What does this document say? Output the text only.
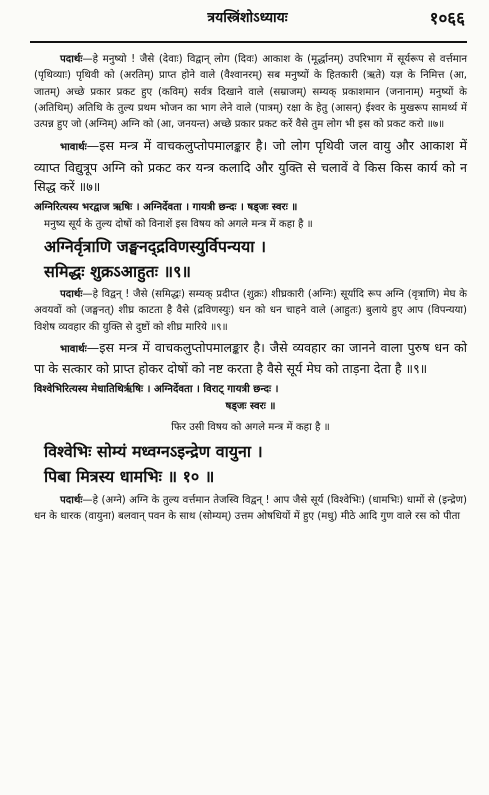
त्रयस्त्रिंशोऽध्यायः	१०६६

पदार्थः—हे मनुष्यो ! जैसे (देवाः) विद्वान् लोग (दिवः) आकाश के (मूर्द्धानम्) उपरिभाग में सूर्यरूप से वर्त्तमान (पृथिव्याः) पृथिवी को (अरतिम्) प्राप्त होने वाले (वैश्वानरम्) सब मनुष्यों के हितकारी (ऋते) यज्ञ के निमित्त (आ, जातम्) अच्छे प्रकार प्रकट हुए (कविम्) सर्वत्र दिखाने वाले (सम्राजम्) सम्यक् प्रकाशमान (जनानाम्) मनुष्यों के (अतिथिम्) अतिथि के तुल्य प्रथम भोजन का भाग लेने वाले (पात्रम्) रक्षा के हेतु (आसन्) ईश्वर के मुखरूप सामर्थ्य में उत्पन्न हुए जो (अग्निम्) अग्नि को (आ, जनयन्त) अच्छे प्रकार प्रकट करें वैसे तुम लोग भी इस को प्रकट करो ॥७॥

भावार्थः—इस मन्त्र में वाचकलुप्तोपमालङ्कार है। जो लोग पृथिवी जल वायु और आकाश में व्याप्त विद्युत्रूप अग्नि को प्रकट कर यन्त्र कलादि और युक्ति से चलावें वे किस किस कार्य को न सिद्ध करें ॥७॥

अग्निरित्यस्य भरद्वाज ऋषिः । अग्निर्देवता । गायत्री छन्दः । षड्जः स्वरः ॥

मनुष्य सूर्य के तुल्य दोषों को विनाशें इस विषय को अगले मन्त्र में कहा है ॥

अग्निर्वृत्राणि जङ्घनद्द्रविणस्युर्विपन्यया ।

समिद्धः शुक्रऽआहुतः ॥९॥

पदार्थः—हे विद्वन् ! जैसे (समिद्धः) सम्यक् प्रदीप्त (शुक्रः) शीघ्रकारी (अग्निः) सूर्यादि रूप अग्नि (वृत्राणि) मेघ के अवयवों को (जङ्घनत्) शीघ्र काटता है वैसे (द्रविणस्युः) धन को धन चाहने वाले (आहुतः) बुलाये हुए आप (विपन्यया) विशेष व्यवहार की युक्ति से दुष्टों को शीघ्र मारिये ॥९॥

भावार्थः—इस मन्त्र में वाचकलुप्तोपमालङ्कार है। जैसे व्यवहार का जानने वाला पुरुष धन को पा के सत्कार को प्राप्त होकर दोषों को नष्ट करता है वैसे सूर्य मेघ को ताड़ना देता है ॥९॥

विश्वेभिरित्यस्य मेधातिथिर्ऋषिः । अग्निर्देवता । विराट् गायत्री छन्दः ।

षड्जः स्वरः ॥

फिर उसी विषय को अगले मन्त्र में कहा है ॥

विश्वेभिः सोम्यं मध्वग्नऽइन्द्रेण वायुना ।

पिबा मित्रस्य धामभिः ॥ १० ॥

पदार्थः—हे (अग्ने) अग्नि के तुल्य वर्त्तमान तेजस्वि विद्वन् ! आप जैसे सूर्य (विश्वेभिः) (धामभिः) धामों से (इन्द्रेण) धन के धारक (वायुना) बलवान् पवन के साथ (सोम्यम्) उत्तम ओषधियों में हुए (मधु) मीठे आदि गुण वाले रस को पीता
